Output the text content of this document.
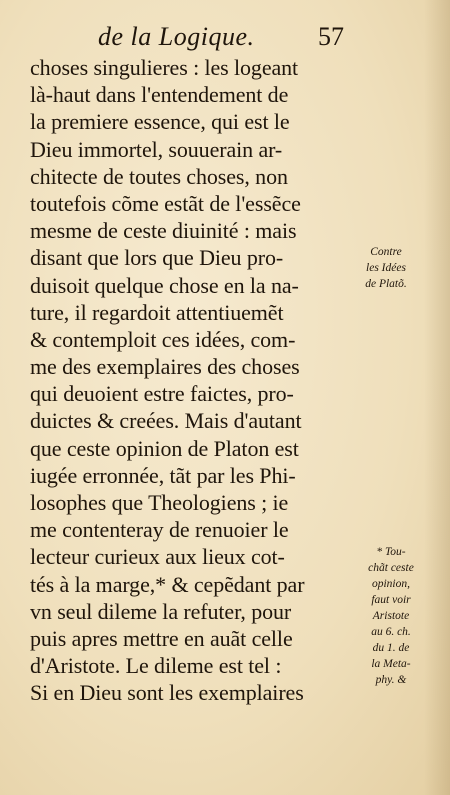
de la Logique. 57
choses singulieres : les logeant
là-haut dans l'entendement de
la premiere essence, qui est le
Dieu immortel, souuerain ar-
chitecte de toutes choses, non
toutefois cõme estãt de l'essẽce
mesme de ceste diuinité : mais
disant que lors que Dieu pro-
duisoit quelque chose en la na-
ture, il regardoit attentiuemẽt
& contemploit ces idées, com-
me des exemplaires des choses
qui deuoient estre faictes, pro-
duictes & creées. Mais d'autant
que ceste opinion de Platon est
iugée erronnée, tãt par les Phi-
losophes que Theologiens ; ie
me contenteray de renuoier le
lecteur curieux aux lieux cot-
tés à la marge,* & cepẽdant par
vn seul dileme la refuter, pour
puis apres mettre en auãt celle
d'Aristote. Le dileme est tel :
Si en Dieu sont les exemplaires
Contre
les Idées
de Platõ.
* Tou-
chãt ceste
opinion,
faut voir
Aristote
au 6. ch.
du 1. de
la Meta-
phy. &
